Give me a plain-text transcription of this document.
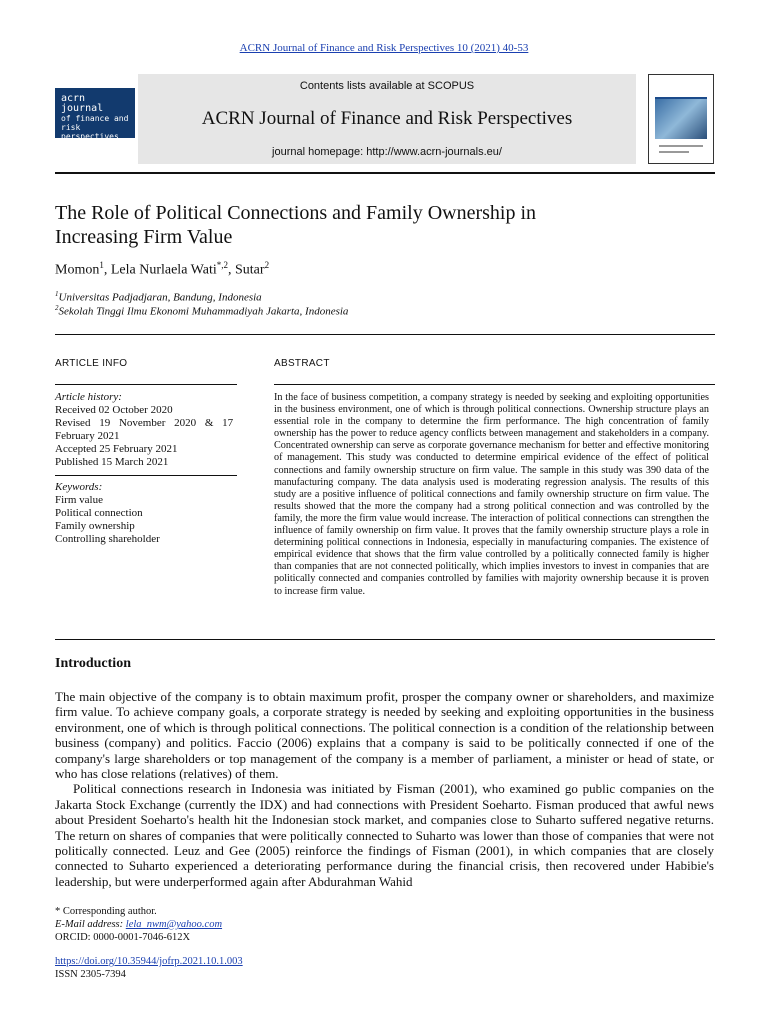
ACRN Journal of Finance and Risk Perspectives 10 (2021) 40-53
acrn
journal
of finance and risk
perspectives
Contents lists available at SCOPUS
ACRN Journal of Finance and Risk Perspectives
journal homepage: http://www.acrn-journals.eu/
The Role of Political Connections and Family Ownership in
Increasing Firm Value
Momon$^1$, Lela Nurlaela Wati$^{*,2}$, Sutar$^2$
$^1$Universitas Padjadjaran, Bandung, Indonesia
$^2$Sekolah Tinggi Ilmu Ekonomi Muhammadiyah Jakarta, Indonesia
ARTICLE INFO	ABSTRACT
Article history:
Received 02 October 2020
Revised 19 November 2020 & 17
February 2021
Accepted 25 February 2021
Published 15 March 2021
Keywords:
Firm value
Political connection
Family ownership
Controlling shareholder
In the face of business competition, a company strategy is needed by seeking and exploiting opportunities in the business environment, one of which is through political connections. Ownership structure plays an essential role in the company to determine the firm performance. The high concentration of family ownership has the power to reduce agency conflicts between management and stakeholders in a company. Concentrated ownership can serve as corporate governance mechanism for better and effective monitoring of management. This study was conducted to determine empirical evidence of the effect of political connections and family ownership structure on firm value. The sample in this study was 390 data of the manufacturing company. The data analysis used is moderating regression analysis. The results of this study are a positive influence of political connections and family ownership structure on firm value. The results showed that the more the company had a strong political connection and was controlled by the family, the more the firm value would increase. The interaction of political connections can strengthen the influence of family ownership on firm value. It proves that the family ownership structure plays a role in determining political connections in Indonesia, especially in manufacturing companies. The existence of empirical evidence that shows that the firm value controlled by a politically connected family is higher than companies that are not connected politically, which implies investors to invest in companies that are politically connected and companies controlled by families with majority ownership because it is proven to increase firm value.
Introduction

The main objective of the company is to obtain maximum profit, prosper the company owner or shareholders, and maximize firm value. To achieve company goals, a corporate strategy is needed by seeking and exploiting opportunities in the business environment, one of which is through political connections. The political connection is a condition of the relationship between business (company) and politics. Faccio (2006) explains that a company is said to be politically connected if one of the company's large shareholders or top management of the company is a member of parliament, a minister or head of state, or who has close relations (relatives) of them.

Political connections research in Indonesia was initiated by Fisman (2001), who examined go public companies on the Jakarta Stock Exchange (currently the IDX) and had connections with President Soeharto. Fisman produced that awful news about President Soeharto's health hit the Indonesian stock market, and companies close to Suharto suffered negative returns. The return on shares of companies that were politically connected to Suharto was lower than those of companies that were not politically connected. Leuz and Gee (2005) reinforce the findings of Fisman (2001), in which companies that are closely connected to Suharto experienced a deteriorating performance during the financial crisis, then recovered under Habibie's leadership, but were underperformed again after Abdurahman Wahid

* Corresponding author.
E-Mail address: lela_nwm@yahoo.com
ORCID: 0000-0001-7046-612X
https://doi.org/10.35944/jofrp.2021.10.1.003
ISSN 2305-7394
